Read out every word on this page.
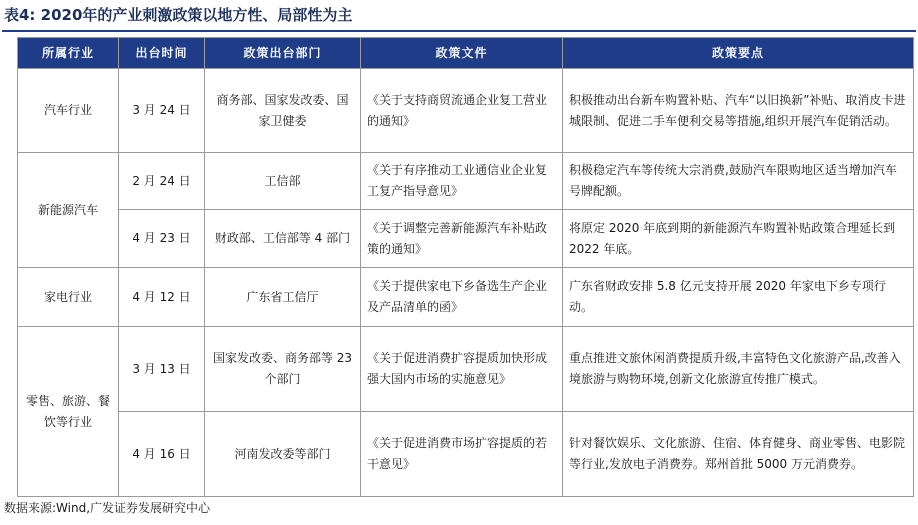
表4: 2020年的产业刺激政策以地方性、局部性为主
所属行业	出台时间	政策出台部门	政策文件	政策要点
汽车行业	3 月 24 日	商务部、国家发改委、国家卫健委	《关于支持商贸流通企业复工营业的通知》	积极推动出台新车购置补贴、汽车“以旧换新”补贴、取消皮卡进城限制、促进二手车便利交易等措施,组织开展汽车促销活动。
新能源汽车	2 月 24 日	工信部	《关于有序推动工业通信业企业复工复产指导意见》	积极稳定汽车等传统大宗消费,鼓励汽车限购地区适当增加汽车号牌配额。
	4 月 23 日	财政部、工信部等 4 部门	《关于调整完善新能源汽车补贴政策的通知》	将原定 2020 年底到期的新能源汽车购置补贴政策合理延长到 2022 年底。
家电行业	4 月 12 日	广东省工信厅	《关于提供家电下乡备选生产企业及产品清单的函》	广东省财政安排 5.8 亿元支持开展 2020 年家电下乡专项行动。
零售、旅游、餐饮等行业	3 月 13 日	国家发改委、商务部等 23 个部门	《关于促进消费扩容提质加快形成强大国内市场的实施意见》	重点推进文旅休闲消费提质升级,丰富特色文化旅游产品,改善入境旅游与购物环境,创新文化旅游宣传推广模式。
	4 月 16 日	河南发改委等部门	《关于促进消费市场扩容提质的若干意见》	针对餐饮娱乐、文化旅游、住宿、体育健身、商业零售、电影院等行业,发放电子消费券。郑州首批 5000 万元消费券。
数据来源:Wind,广发证券发展研究中心
